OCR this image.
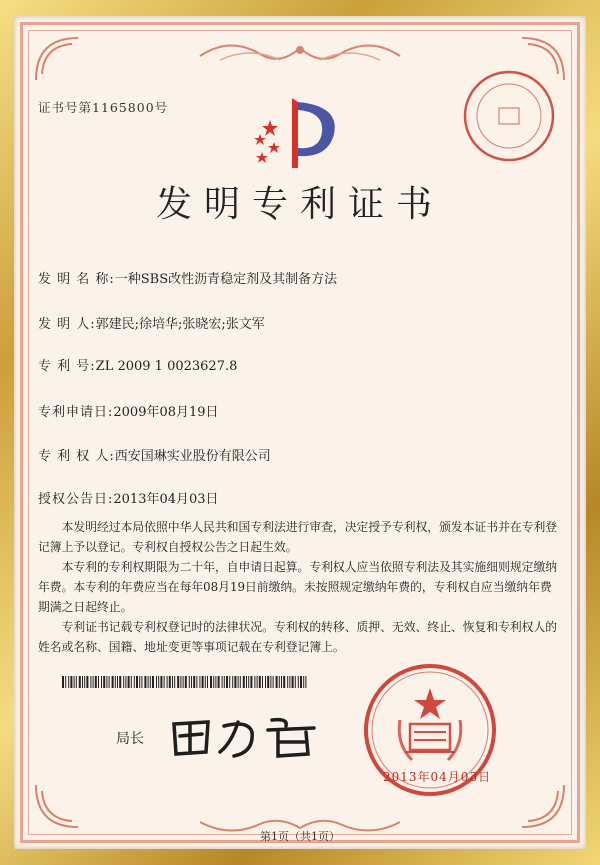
证书号第1165800号
发明专利证书
发 明 名 称:一种SBS改性沥青稳定剂及其制备方法
发 明 人:郭建民;徐培华;张晓宏;张文军
专 利 号:ZL 2009 1 0023627.8
专利申请日:2009年08月19日
专 利 权 人:西安国琳实业股份有限公司
授权公告日:2013年04月03日
本发明经过本局依照中华人民共和国专利法进行审查，决定授予专利权，颁发本证书并在专利登记簿上予以登记。专利权自授权公告之日起生效。
本专利的专利权期限为二十年，自申请日起算。专利权人应当依照专利法及其实施细则规定缴纳年费。本专利的年费应当在每年08月19日前缴纳。未按照规定缴纳年费的，专利权自应当缴纳年费期满之日起终止。
专利证书记载专利权登记时的法律状况。专利权的转移、质押、无效、终止、恢复和专利权人的姓名或名称、国籍、地址变更等事项记载在专利登记簿上。
局长
2013年04月03日
第1页（共1页）
